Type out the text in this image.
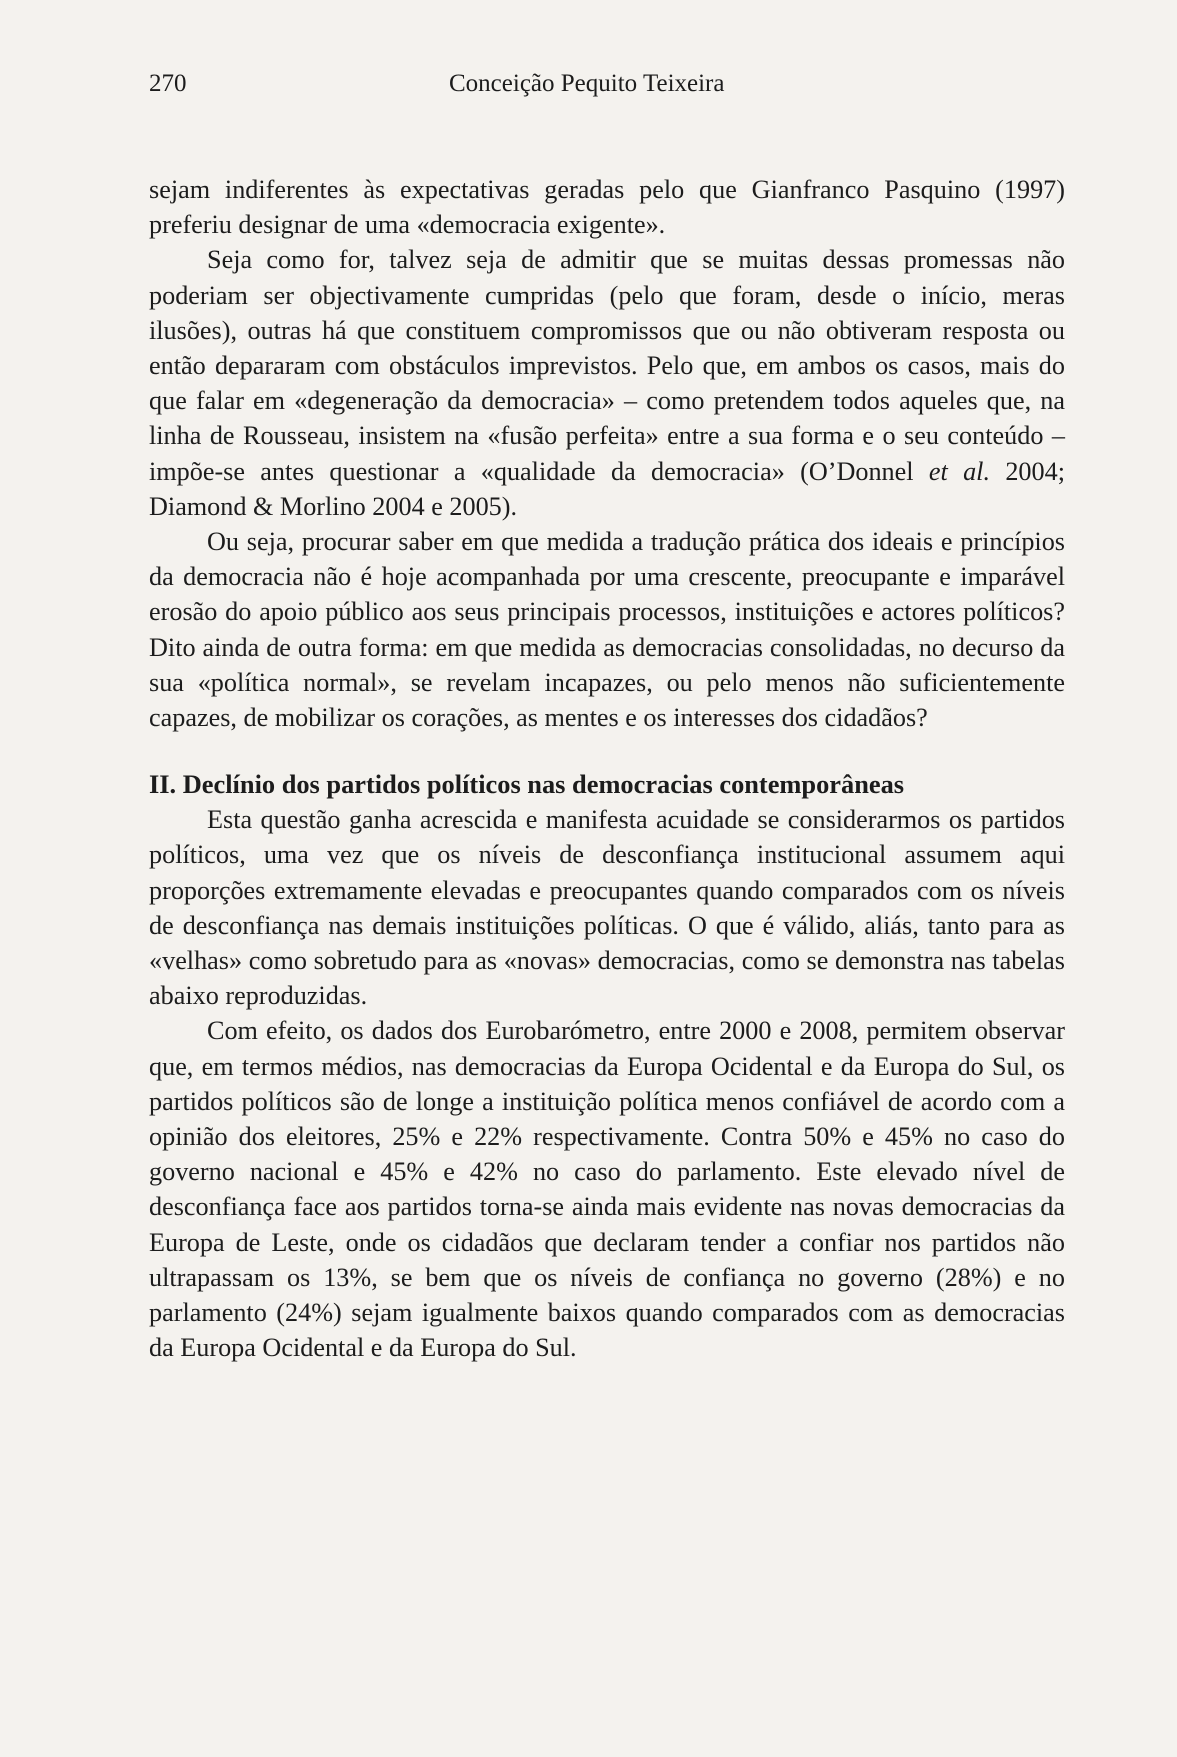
270	Conceição Pequito Teixeira

sejam indiferentes às expectativas geradas pelo que Gianfranco Pasquino (1997) preferiu designar de uma «democracia exigente».

Seja como for, talvez seja de admitir que se muitas dessas promessas não poderiam ser objectivamente cumpridas (pelo que foram, desde o início, meras ilusões), outras há que constituem compromissos que ou não obtiveram resposta ou então depararam com obstáculos imprevistos. Pelo que, em ambos os casos, mais do que falar em «degeneração da democracia» – como pretendem todos aqueles que, na linha de Rousseau, insistem na «fusão perfeita» entre a sua forma e o seu conteúdo – impõe-se antes questionar a «qualidade da democracia» (O’Donnel et al. 2004; Diamond & Morlino 2004 e 2005).

Ou seja, procurar saber em que medida a tradução prática dos ideais e princípios da democracia não é hoje acompanhada por uma crescente, preocupante e imparável erosão do apoio público aos seus principais processos, instituições e actores políticos? Dito ainda de outra forma: em que medida as democracias consolidadas, no decurso da sua «política normal», se revelam incapazes, ou pelo menos não suficientemente capazes, de mobilizar os corações, as mentes e os interesses dos cidadãos?

II. Declínio dos partidos políticos nas democracias contemporâneas

Esta questão ganha acrescida e manifesta acuidade se considerarmos os partidos políticos, uma vez que os níveis de desconfiança institucional assumem aqui proporções extremamente elevadas e preocupantes quando comparados com os níveis de desconfiança nas demais instituições políticas. O que é válido, aliás, tanto para as «velhas» como sobretudo para as «novas» democracias, como se demonstra nas tabelas abaixo reproduzidas.

Com efeito, os dados dos Eurobarómetro, entre 2000 e 2008, permitem observar que, em termos médios, nas democracias da Europa Ocidental e da Europa do Sul, os partidos políticos são de longe a instituição política menos confiável de acordo com a opinião dos eleitores, 25% e 22% respectivamente. Contra 50% e 45% no caso do governo nacional e 45% e 42% no caso do parlamento. Este elevado nível de desconfiança face aos partidos torna-se ainda mais evidente nas novas democracias da Europa de Leste, onde os cidadãos que declaram tender a confiar nos partidos não ultrapassam os 13%, se bem que os níveis de confiança no governo (28%) e no parlamento (24%) sejam igualmente baixos quando comparados com as democracias da Europa Ocidental e da Europa do Sul.
